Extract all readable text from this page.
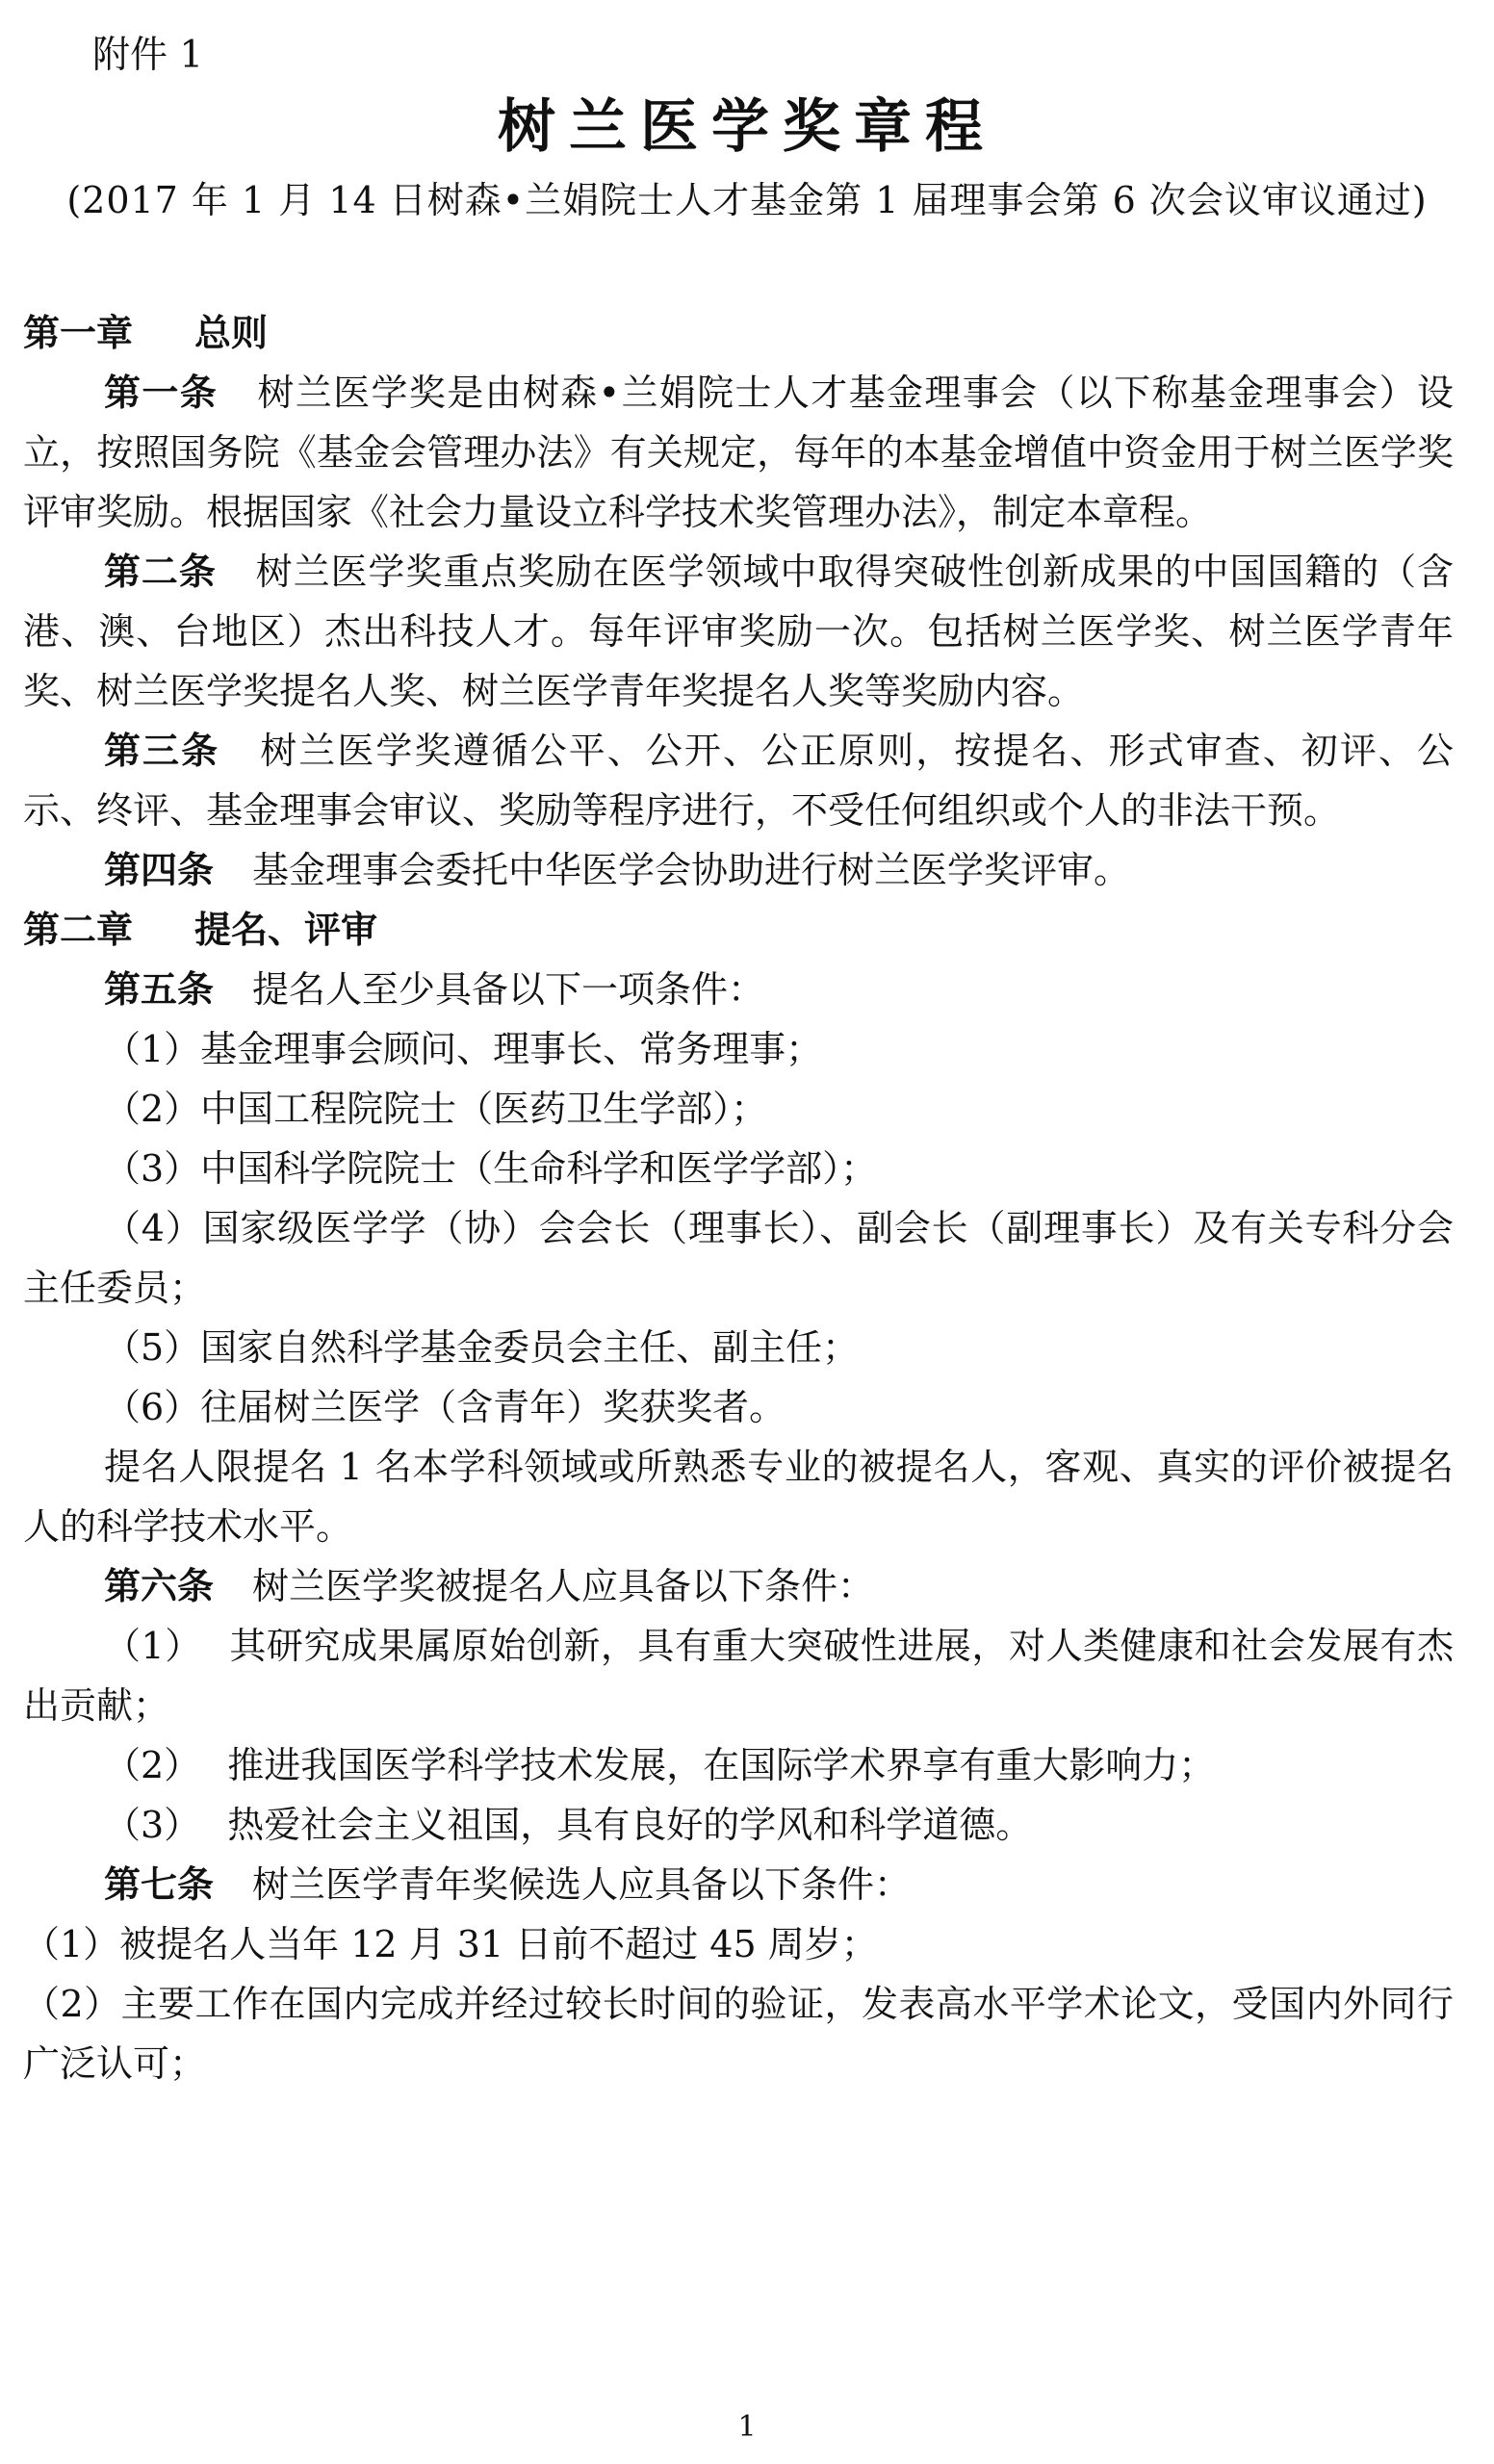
附件 1
树兰医学奖章程
(2017 年 1 月 14 日树森•兰娟院士人才基金第 1 届理事会第 6 次会议审议通过)

第一章 总则

第一条 树兰医学奖是由树森•兰娟院士人才基金理事会（以下称基金理事会）设立，按照国务院《基金会管理办法》有关规定，每年的本基金增值中资金用于树兰医学奖评审奖励。根据国家《社会力量设立科学技术奖管理办法》，制定本章程。

第二条 树兰医学奖重点奖励在医学领域中取得突破性创新成果的中国国籍的（含港、澳、台地区）杰出科技人才。每年评审奖励一次。包括树兰医学奖、树兰医学青年奖、树兰医学奖提名人奖、树兰医学青年奖提名人奖等奖励内容。

第三条 树兰医学奖遵循公平、公开、公正原则，按提名、形式审查、初评、公示、终评、基金理事会审议、奖励等程序进行，不受任何组织或个人的非法干预。

第四条 基金理事会委托中华医学会协助进行树兰医学奖评审。

第二章 提名、评审

第五条 提名人至少具备以下一项条件：

（1）基金理事会顾问、理事长、常务理事；

（2）中国工程院院士（医药卫生学部）；

（3）中国科学院院士（生命科学和医学学部）；

（4）国家级医学学（协）会会长（理事长）、副会长（副理事长）及有关专科分会主任委员；

（5）国家自然科学基金委员会主任、副主任；

（6）往届树兰医学（含青年）奖获奖者。

提名人限提名 1 名本学科领域或所熟悉专业的被提名人，客观、真实的评价被提名人的科学技术水平。

第六条 树兰医学奖被提名人应具备以下条件：

（1） 其研究成果属原始创新，具有重大突破性进展，对人类健康和社会发展有杰出贡献；

（2） 推进我国医学科学技术发展，在国际学术界享有重大影响力；

（3） 热爱社会主义祖国，具有良好的学风和科学道德。

第七条 树兰医学青年奖候选人应具备以下条件：

（1）被提名人当年 12 月 31 日前不超过 45 周岁；

（2）主要工作在国内完成并经过较长时间的验证，发表高水平学术论文，受国内外同行广泛认可；

1
